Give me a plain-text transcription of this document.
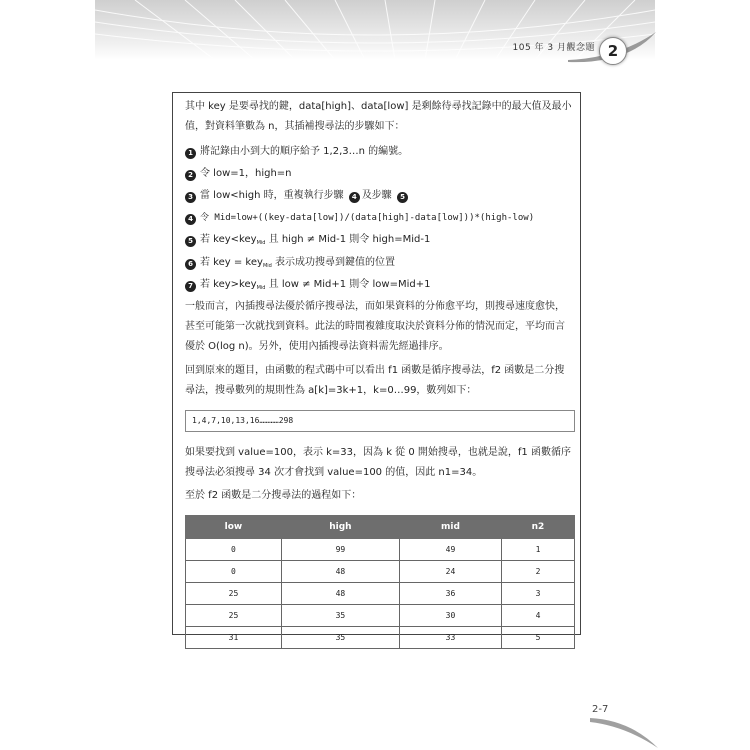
105 年 3 月觀念題 2
其中 key 是要尋找的鍵，data[high]、data[low] 是剩餘待尋找記錄中的最大值及最小值，對資料筆數為 n，其插補搜尋法的步驟如下：
1 將記錄由小到大的順序給予 1,2,3…n 的編號。
2 令 low=1，high=n
3 當 low<high 時，重複執行步驟 4 及步驟 5
4 令 Mid=low+((key-data[low])/(data[high]-data[low]))*(high-low)
5 若 key<key$_{Mid}$ 且 high ≠ Mid-1 則令 high=Mid-1
6 若 key = key$_{Mid}$ 表示成功搜尋到鍵值的位置
7 若 key>key$_{Mid}$ 且 low ≠ Mid+1 則令 low=Mid+1
一般而言，內插搜尋法優於循序搜尋法，而如果資料的分佈愈平均，則搜尋速度愈快，甚至可能第一次就找到資料。此法的時間複雜度取決於資料分佈的情況而定，平均而言優於 O(log n)。另外，使用內插搜尋法資料需先經過排序。
回到原來的題目，由函數的程式碼中可以看出 f1 函數是循序搜尋法，f2 函數是二分搜尋法，搜尋數列的規則性為 a[k]=3k+1，k=0…99，數列如下：
1,4,7,10,13,16…………298
如果要找到 value=100，表示 k=33，因為 k 從 0 開始搜尋，也就是說，f1 函數循序搜尋法必須搜尋 34 次才會找到 value=100 的值，因此 n1=34。
至於 f2 函數是二分搜尋法的過程如下：
low	high	mid	n2
0	99	49	1
0	48	24	2
25	48	36	3
25	35	30	4
31	35	33	5
2-7
